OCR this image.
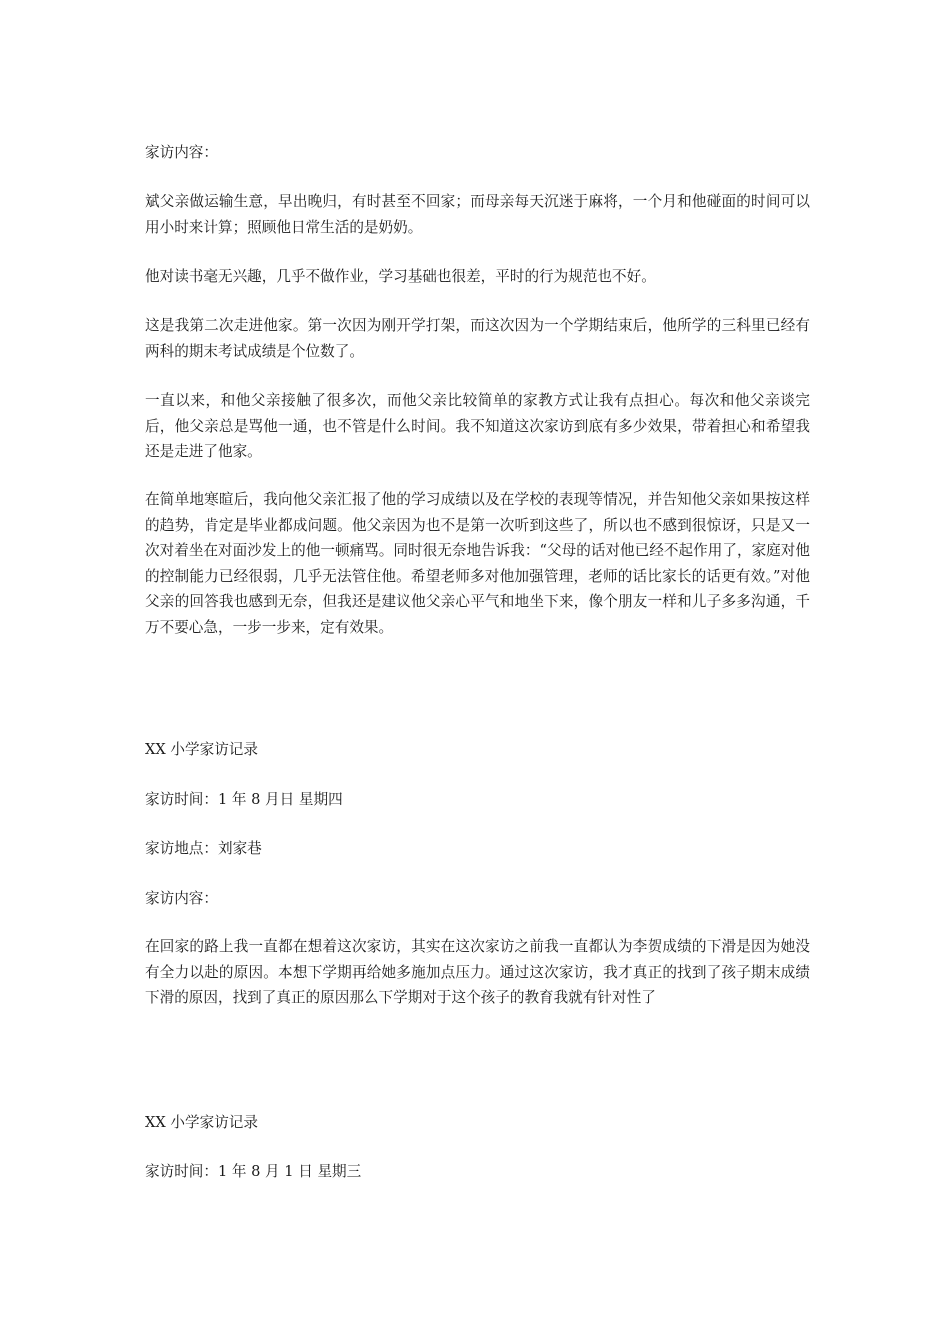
家访内容：

斌父亲做运输生意，早出晚归，有时甚至不回家；而母亲每天沉迷于麻将，一个月和他碰面的时间可以用小时来计算；照顾他日常生活的是奶奶。

他对读书毫无兴趣，几乎不做作业，学习基础也很差，平时的行为规范也不好。

这是我第二次走进他家。第一次因为刚开学打架，而这次因为一个学期结束后，他所学的三科里已经有两科的期末考试成绩是个位数了。

一直以来，和他父亲接触了很多次，而他父亲比较简单的家教方式让我有点担心。每次和他父亲谈完后，他父亲总是骂他一通，也不管是什么时间。我不知道这次家访到底有多少效果，带着担心和希望我还是走进了他家。

在简单地寒暄后，我向他父亲汇报了他的学习成绩以及在学校的表现等情况，并告知他父亲如果按这样的趋势，肯定是毕业都成问题。他父亲因为也不是第一次听到这些了，所以也不感到很惊讶，只是又一次对着坐在对面沙发上的他一顿痛骂。同时很无奈地告诉我：“父母的话对他已经不起作用了，家庭对他的控制能力已经很弱，几乎无法管住他。希望老师多对他加强管理，老师的话比家长的话更有效。”对他父亲的回答我也感到无奈，但我还是建议他父亲心平气和地坐下来，像个朋友一样和儿子多多沟通，千万不要心急，一步一步来，定有效果。

XX 小学家访记录

家访时间：1 年 8 月日 星期四

家访地点：刘家巷

家访内容：

在回家的路上我一直都在想着这次家访，其实在这次家访之前我一直都认为李贺成绩的下滑是因为她没有全力以赴的原因。本想下学期再给她多施加点压力。通过这次家访，我才真正的找到了孩子期末成绩下滑的原因，找到了真正的原因那么下学期对于这个孩子的教育我就有针对性了

XX 小学家访记录

家访时间：1 年 8 月 1 日 星期三
